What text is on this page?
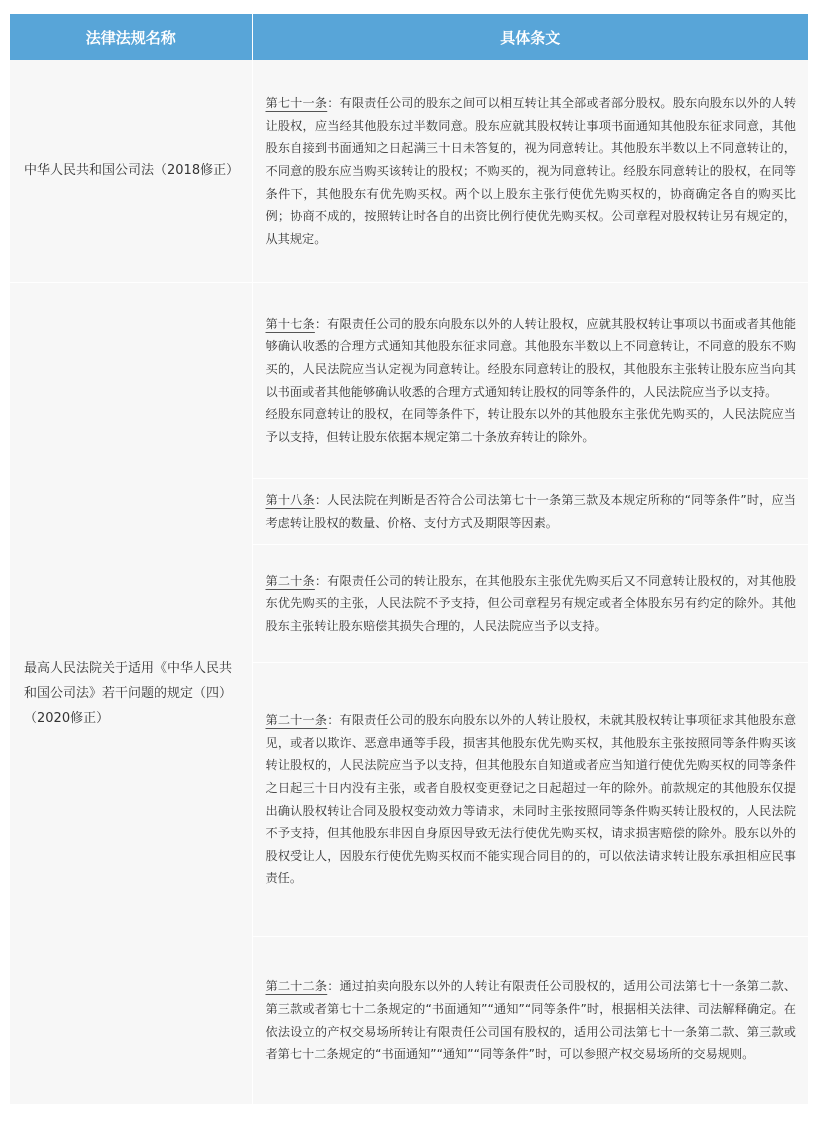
法律法规名称	具体条文
中华人民共和国公司法（2018修正）	第七十一条：有限责任公司的股东之间可以相互转让其全部或者部分股权。股东向股东以外的人转让股权，应当经其他股东过半数同意。股东应就其股权转让事项书面通知其他股东征求同意，其他股东自接到书面通知之日起满三十日未答复的，视为同意转让。其他股东半数以上不同意转让的，不同意的股东应当购买该转让的股权；不购买的，视为同意转让。经股东同意转让的股权，在同等条件下，其他股东有优先购买权。两个以上股东主张行使优先购买权的，协商确定各自的购买比例；协商不成的，按照转让时各自的出资比例行使优先购买权。公司章程对股权转让另有规定的，从其规定。
最高人民法院关于适用《中华人民共和国公司法》若干问题的规定（四）（2020修正）	第十七条：有限责任公司的股东向股东以外的人转让股权，应就其股权转让事项以书面或者其他能够确认收悉的合理方式通知其他股东征求同意。其他股东半数以上不同意转让，不同意的股东不购买的，人民法院应当认定视为同意转让。经股东同意转让的股权，其他股东主张转让股东应当向其以书面或者其他能够确认收悉的合理方式通知转让股权的同等条件的，人民法院应当予以支持。
经股东同意转让的股权，在同等条件下，转让股东以外的其他股东主张优先购买的，人民法院应当予以支持，但转让股东依据本规定第二十条放弃转让的除外。
	第十八条：人民法院在判断是否符合公司法第七十一条第三款及本规定所称的“同等条件”时，应当考虑转让股权的数量、价格、支付方式及期限等因素。
	第二十条：有限责任公司的转让股东，在其他股东主张优先购买后又不同意转让股权的，对其他股东优先购买的主张，人民法院不予支持，但公司章程另有规定或者全体股东另有约定的除外。其他股东主张转让股东赔偿其损失合理的，人民法院应当予以支持。
	第二十一条：有限责任公司的股东向股东以外的人转让股权，未就其股权转让事项征求其他股东意见，或者以欺诈、恶意串通等手段，损害其他股东优先购买权，其他股东主张按照同等条件购买该转让股权的，人民法院应当予以支持，但其他股东自知道或者应当知道行使优先购买权的同等条件之日起三十日内没有主张，或者自股权变更登记之日起超过一年的除外。前款规定的其他股东仅提出确认股权转让合同及股权变动效力等请求，未同时主张按照同等条件购买转让股权的，人民法院不予支持，但其他股东非因自身原因导致无法行使优先购买权，请求损害赔偿的除外。股东以外的股权受让人，因股东行使优先购买权而不能实现合同目的的，可以依法请求转让股东承担相应民事责任。
	第二十二条：通过拍卖向股东以外的人转让有限责任公司股权的，适用公司法第七十一条第二款、第三款或者第七十二条规定的“书面通知”“通知”“同等条件”时，根据相关法律、司法解释确定。在依法设立的产权交易场所转让有限责任公司国有股权的，适用公司法第七十一条第二款、第三款或者第七十二条规定的“书面通知”“通知”“同等条件”时，可以参照产权交易场所的交易规则。
